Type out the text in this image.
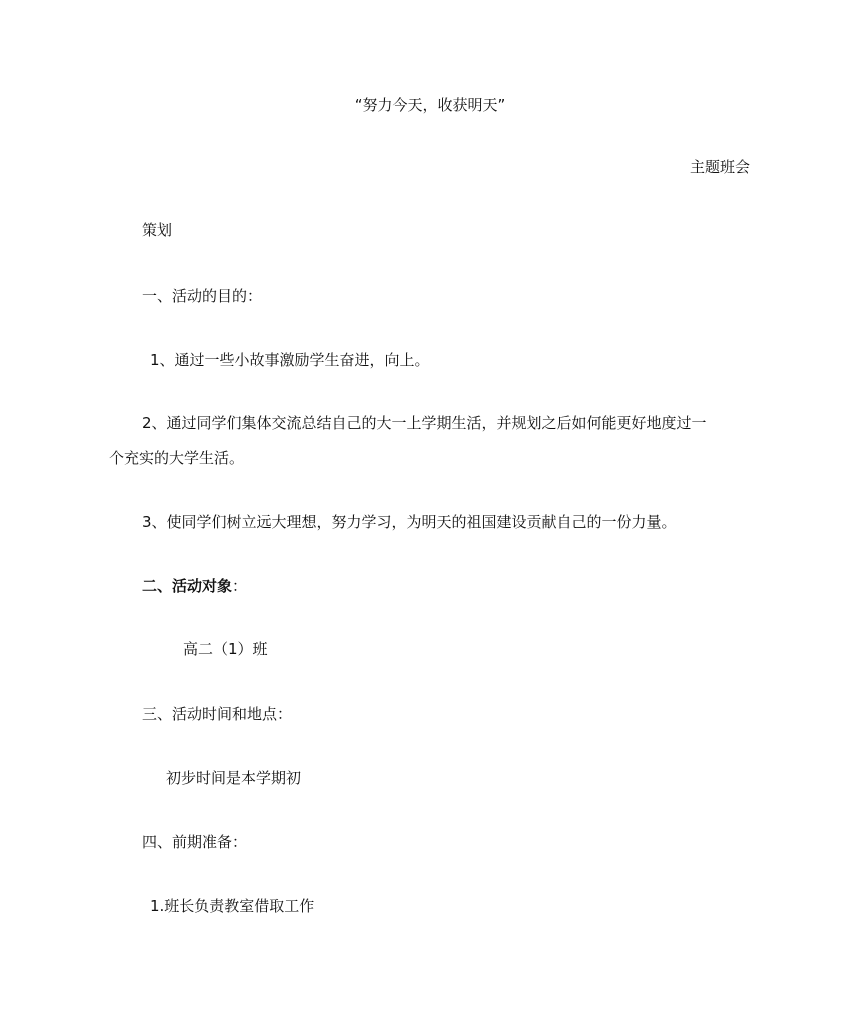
“努力今天，收获明天”
主题班会
策划
一、活动的目的：
1、通过一些小故事激励学生奋进，向上。
2、通过同学们集体交流总结自己的大一上学期生活，并规划之后如何能更好地度过一
个充实的大学生活。
3、使同学们树立远大理想，努力学习，为明天的祖国建设贡献自己的一份力量。
二、活动对象：
高二（1）班
三、活动时间和地点：
初步时间是本学期初
四、前期准备：
1.班长负责教室借取工作
